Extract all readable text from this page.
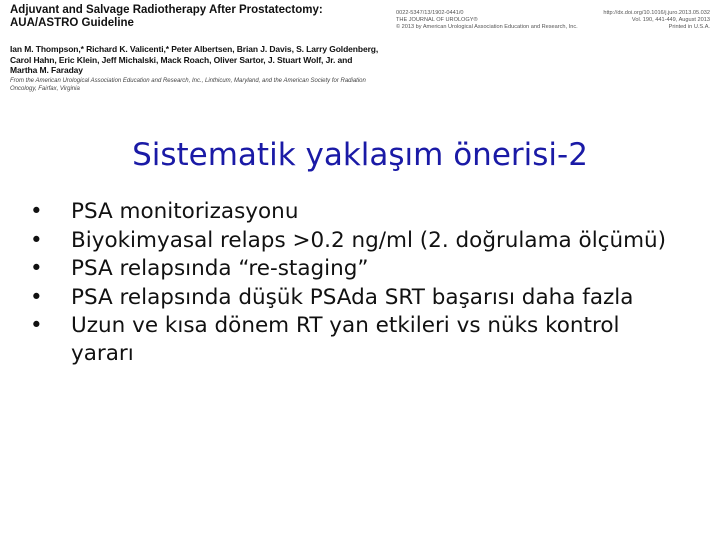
Adjuvant and Salvage Radiotherapy After Prostatectomy: AUA/ASTRO Guideline
Ian M. Thompson,* Richard K. Valicenti,* Peter Albertsen, Brian J. Davis, S. Larry Goldenberg, Carol Hahn, Eric Klein, Jeff Michalski, Mack Roach, Oliver Sartor, J. Stuart Wolf, Jr. and Martha M. Faraday
From the American Urological Association Education and Research, Inc., Linthicum, Maryland, and the American Society for Radiation Oncology, Fairfax, Virginia
0022-5347/13/1902-0441/0
THE JOURNAL OF UROLOGY®
© 2013 by American Urological Association Education and Research, Inc.
http://dx.doi.org/10.1016/j.juro.2013.05.032
Vol. 190, 441-449, August 2013
Printed in U.S.A.
Sistematik yaklaşım önerisi-2
• PSA monitorizasyonu
• Biyokimyasal relaps >0.2 ng/ml (2. doğrulama ölçümü)
• PSA relapsında “re-staging”
• PSA relapsında düşük PSAda SRT başarısı daha fazla
• Uzun ve kısa dönem RT yan etkileri vs nüks kontrol yararı
